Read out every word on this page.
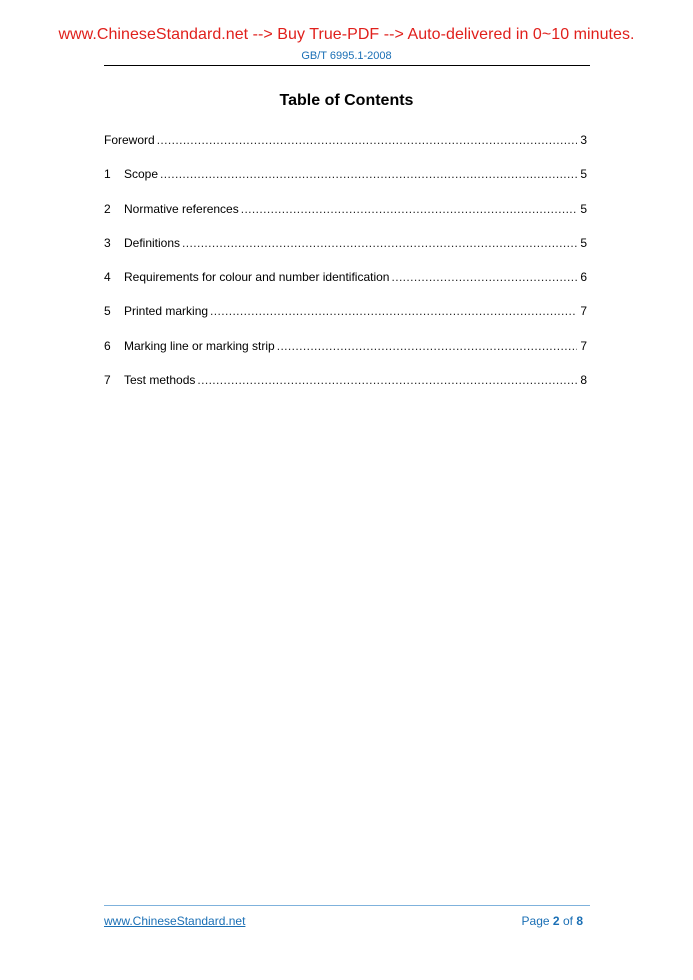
www.ChineseStandard.net --> Buy True-PDF --> Auto-delivered in 0~10 minutes.
GB/T 6995.1-2008
Table of Contents
Foreword .....	3
1	Scope .....	5
2	Normative references .....	5
3	Definitions .....	5
4	Requirements for colour and number identification .....	6
5	Printed marking .....	7
6	Marking line or marking strip .....	7
7	Test methods .....	8
www.ChineseStandard.net	Page 2 of 8
